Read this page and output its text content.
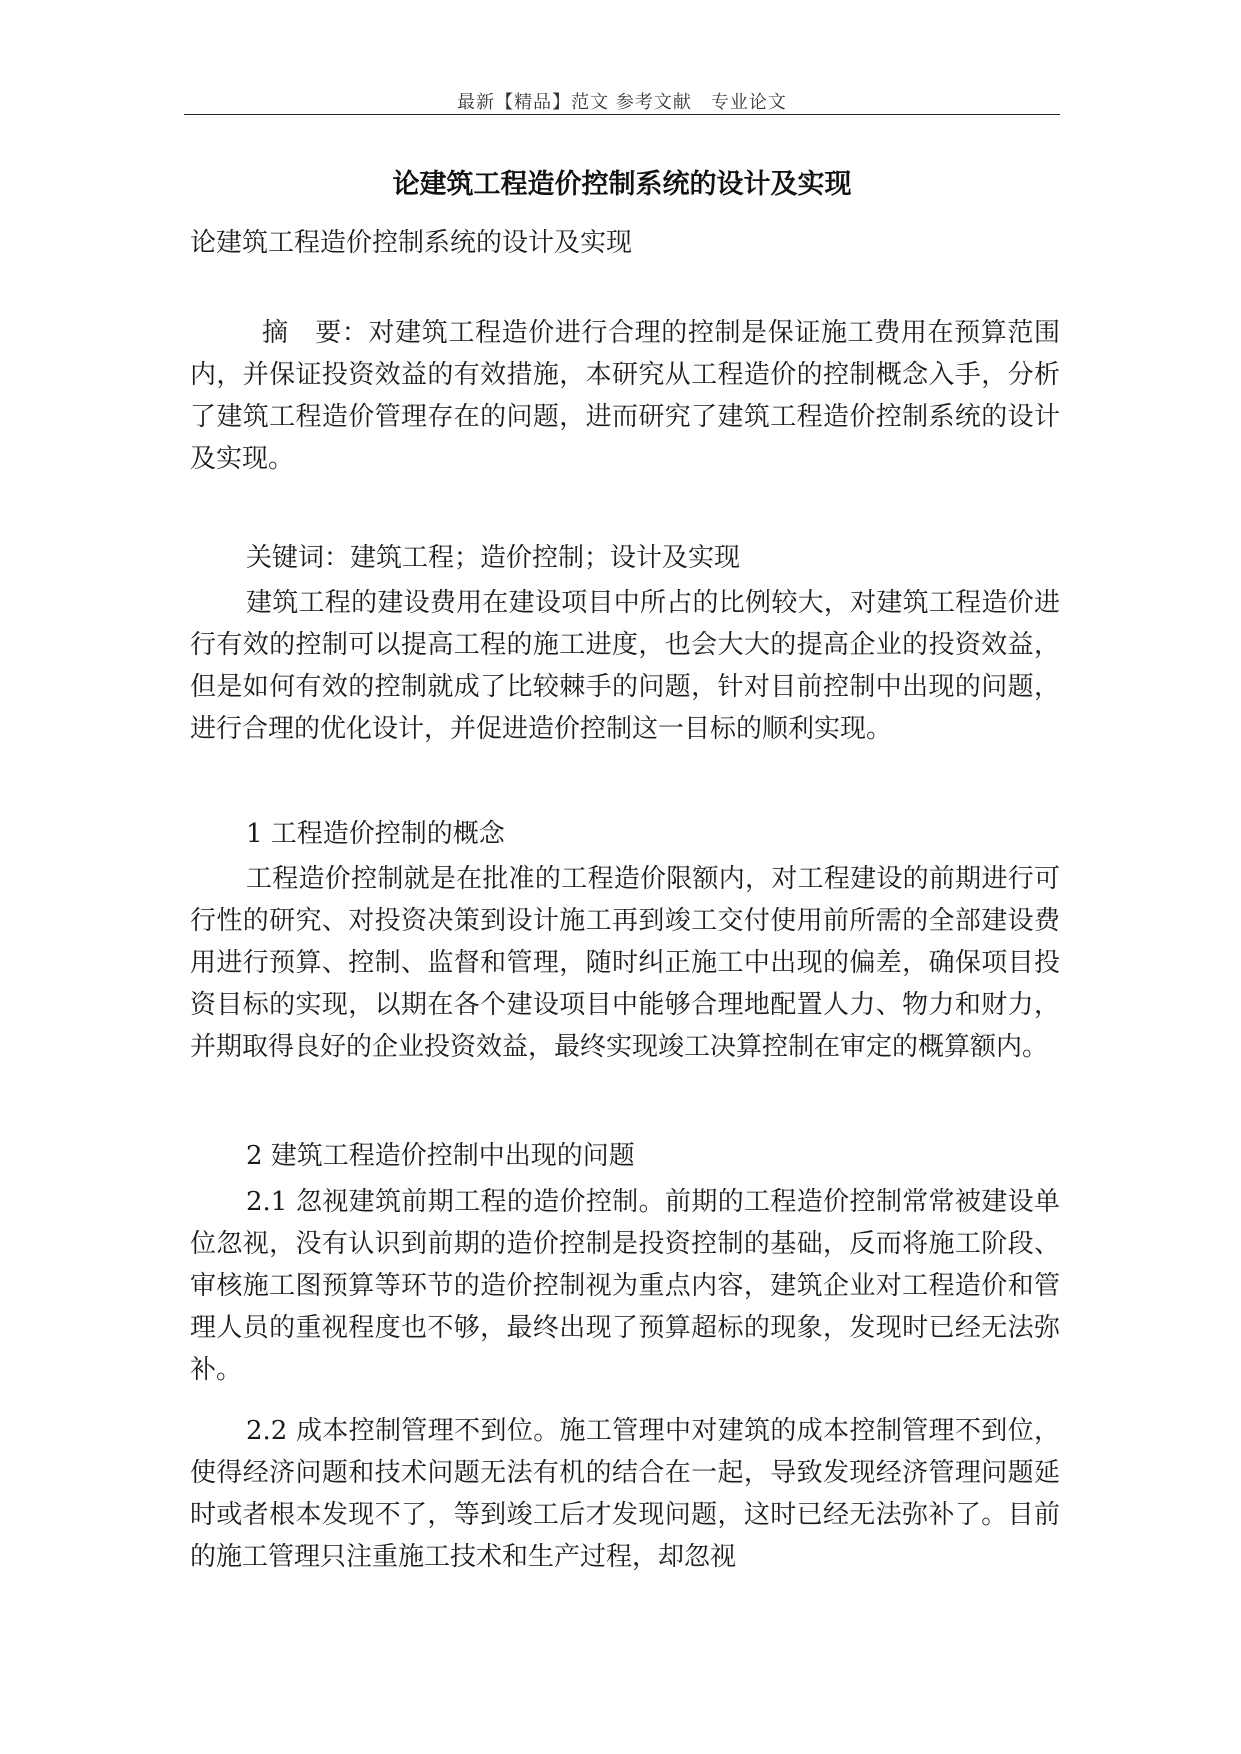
最新【精品】范文 参考文献　专业论文
论建筑工程造价控制系统的设计及实现
论建筑工程造价控制系统的设计及实现
摘　要：对建筑工程造价进行合理的控制是保证施工费用在预算范围内，并保证投资效益的有效措施，本研究从工程造价的控制概念入手，分析了建筑工程造价管理存在的问题，进而研究了建筑工程造价控制系统的设计及实现。
关键词：建筑工程；造价控制；设计及实现
建筑工程的建设费用在建设项目中所占的比例较大，对建筑工程造价进行有效的控制可以提高工程的施工进度，也会大大的提高企业的投资效益，但是如何有效的控制就成了比较棘手的问题，针对目前控制中出现的问题，进行合理的优化设计，并促进造价控制这一目标的顺利实现。
1 工程造价控制的概念
工程造价控制就是在批准的工程造价限额内，对工程建设的前期进行可行性的研究、对投资决策到设计施工再到竣工交付使用前所需的全部建设费用进行预算、控制、监督和管理，随时纠正施工中出现的偏差，确保项目投资目标的实现，以期在各个建设项目中能够合理地配置人力、物力和财力，并期取得良好的企业投资效益，最终实现竣工决算控制在审定的概算额内。
2 建筑工程造价控制中出现的问题
2.1 忽视建筑前期工程的造价控制。前期的工程造价控制常常被建设单位忽视，没有认识到前期的造价控制是投资控制的基础，反而将施工阶段、审核施工图预算等环节的造价控制视为重点内容，建筑企业对工程造价和管理人员的重视程度也不够，最终出现了预算超标的现象，发现时已经无法弥补。
2.2 成本控制管理不到位。施工管理中对建筑的成本控制管理不到位，使得经济问题和技术问题无法有机的结合在一起，导致发现经济管理问题延时或者根本发现不了，等到竣工后才发现问题，这时已经无法弥补了。目前的施工管理只注重施工技术和生产过程，却忽视
